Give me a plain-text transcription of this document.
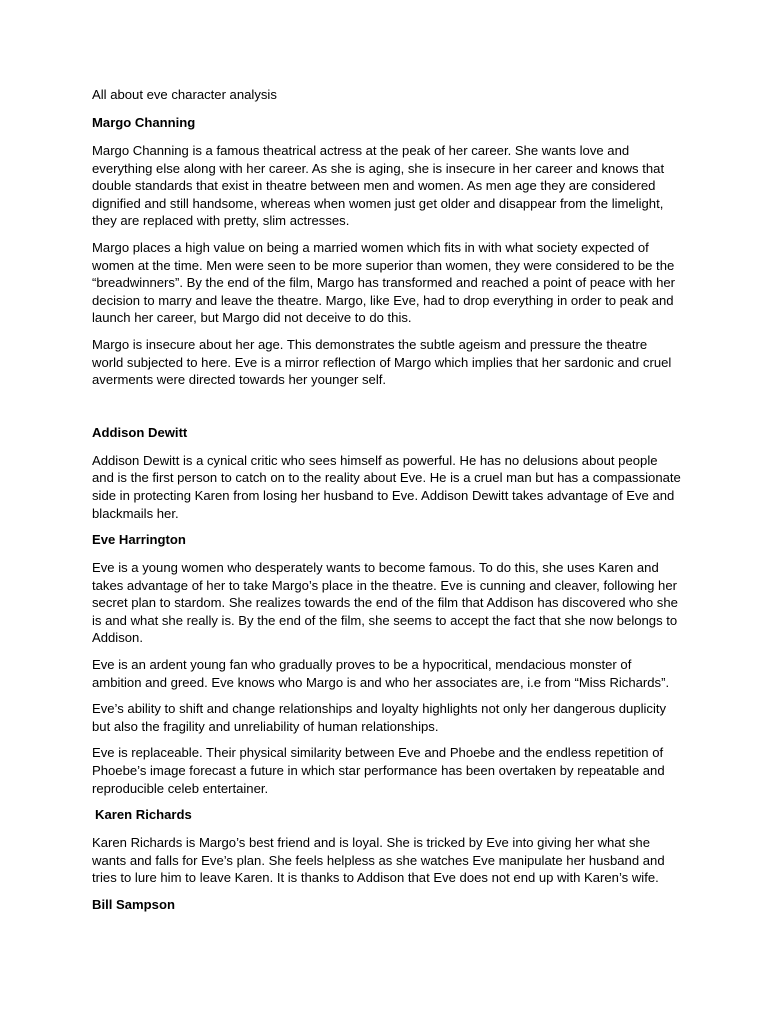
All about eve character analysis

Margo Channing

Margo Channing is a famous theatrical actress at the peak of her career. She wants love and everything else along with her career. As she is aging, she is insecure in her career and knows that double standards that exist in theatre between men and women. As men age they are considered dignified and still handsome, whereas when women just get older and disappear from the limelight, they are replaced with pretty, slim actresses.

Margo places a high value on being a married women which fits in with what society expected of women at the time. Men were seen to be more superior than women, they were considered to be the “breadwinners”. By the end of the film, Margo has transformed and reached a point of peace with her decision to marry and leave the theatre. Margo, like Eve, had to drop everything in order to peak and launch her career, but Margo did not deceive to do this.

Margo is insecure about her age. This demonstrates the subtle ageism and pressure the theatre world subjected to here. Eve is a mirror reflection of Margo which implies that her sardonic and cruel averments were directed towards her younger self.

Addison Dewitt

Addison Dewitt is a cynical critic who sees himself as powerful. He has no delusions about people and is the first person to catch on to the reality about Eve. He is a cruel man but has a compassionate side in protecting Karen from losing her husband to Eve. Addison Dewitt takes advantage of Eve and blackmails her.

Eve Harrington

Eve is a young women who desperately wants to become famous. To do this, she uses Karen and takes advantage of her to take Margo’s place in the theatre. Eve is cunning and cleaver, following her secret plan to stardom. She realizes towards the end of the film that Addison has discovered who she is and what she really is. By the end of the film, she seems to accept the fact that she now belongs to Addison.

Eve is an ardent young fan who gradually proves to be a hypocritical, mendacious monster of ambition and greed. Eve knows who Margo is and who her associates are, i.e from “Miss Richards”.

Eve’s ability to shift and change relationships and loyalty highlights not only her dangerous duplicity but also the fragility and unreliability of human relationships.

Eve is replaceable. Their physical similarity between Eve and Phoebe and the endless repetition of Phoebe’s image forecast a future in which star performance has been overtaken by repeatable and reproducible celeb entertainer.

Karen Richards

Karen Richards is Margo’s best friend and is loyal. She is tricked by Eve into giving her what she wants and falls for Eve’s plan. She feels helpless as she watches Eve manipulate her husband and tries to lure him to leave Karen. It is thanks to Addison that Eve does not end up with Karen’s wife.

Bill Sampson
